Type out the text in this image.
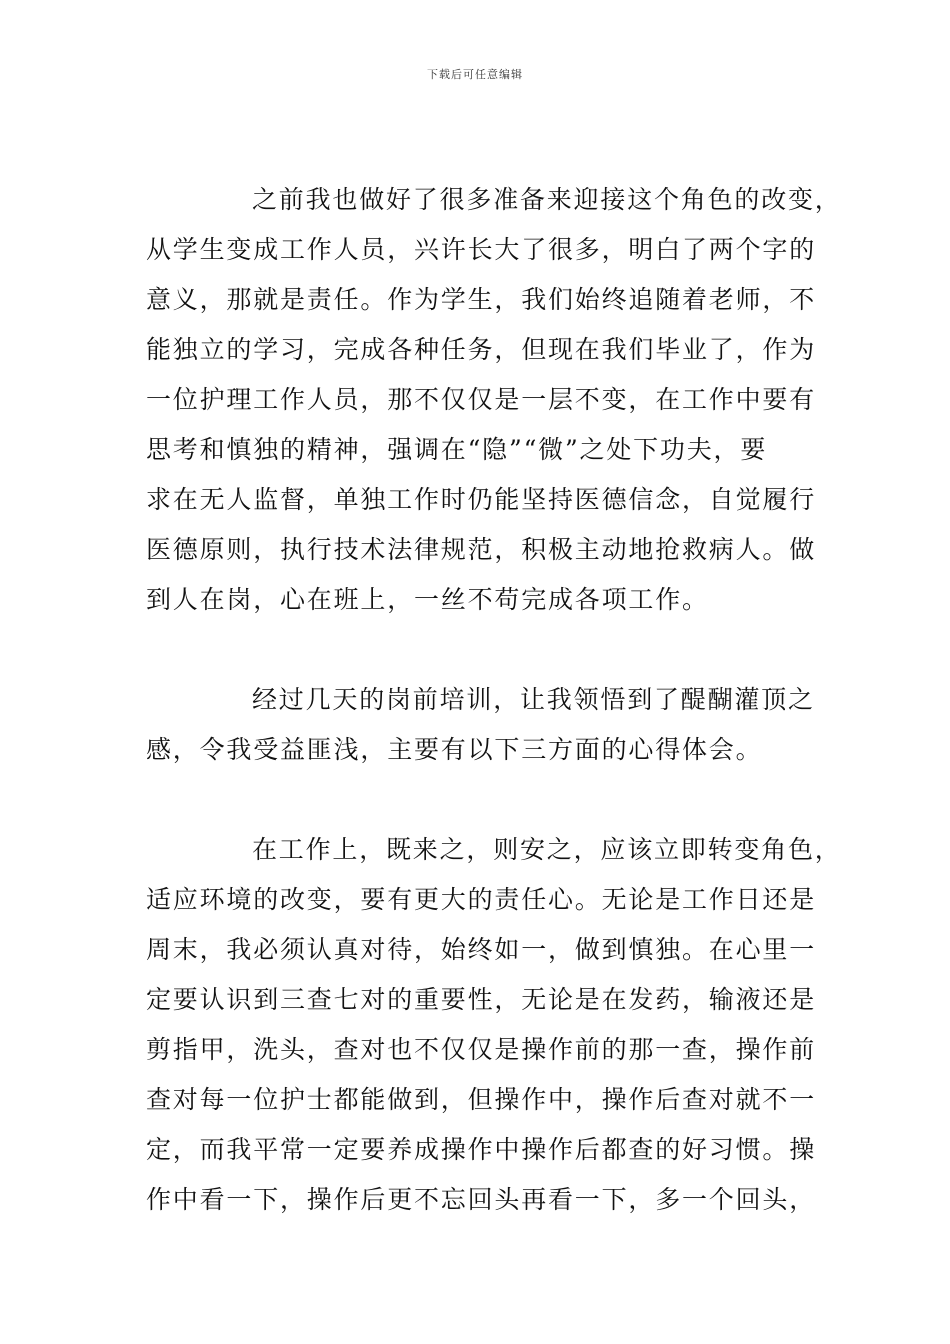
下载后可任意编辑
之前我也做好了很多准备来迎接这个角色的改变，
从学生变成工作人员，兴许长大了很多，明白了两个字的
意义，那就是责任。作为学生，我们始终追随着老师，不
能独立的学习，完成各种任务，但现在我们毕业了，作为
一位护理工作人员，那不仅仅是一层不变，在工作中要有
思考和慎独的精神，强调在“隐”“微”之处下功夫，要
求在无人监督，单独工作时仍能坚持医德信念，自觉履行
医德原则，执行技术法律规范，积极主动地抢救病人。做
到人在岗，心在班上，一丝不苟完成各项工作。
经过几天的岗前培训，让我领悟到了醍醐灌顶之
感，令我受益匪浅，主要有以下三方面的心得体会。
在工作上，既来之，则安之，应该立即转变角色，
适应环境的改变，要有更大的责任心。无论是工作日还是
周末，我必须认真对待，始终如一，做到慎独。在心里一
定要认识到三查七对的重要性，无论是在发药，输液还是
剪指甲，洗头，查对也不仅仅是操作前的那一查，操作前
查对每一位护士都能做到，但操作中，操作后查对就不一
定，而我平常一定要养成操作中操作后都查的好习惯。操
作中看一下，操作后更不忘回头再看一下，多一个回头，
